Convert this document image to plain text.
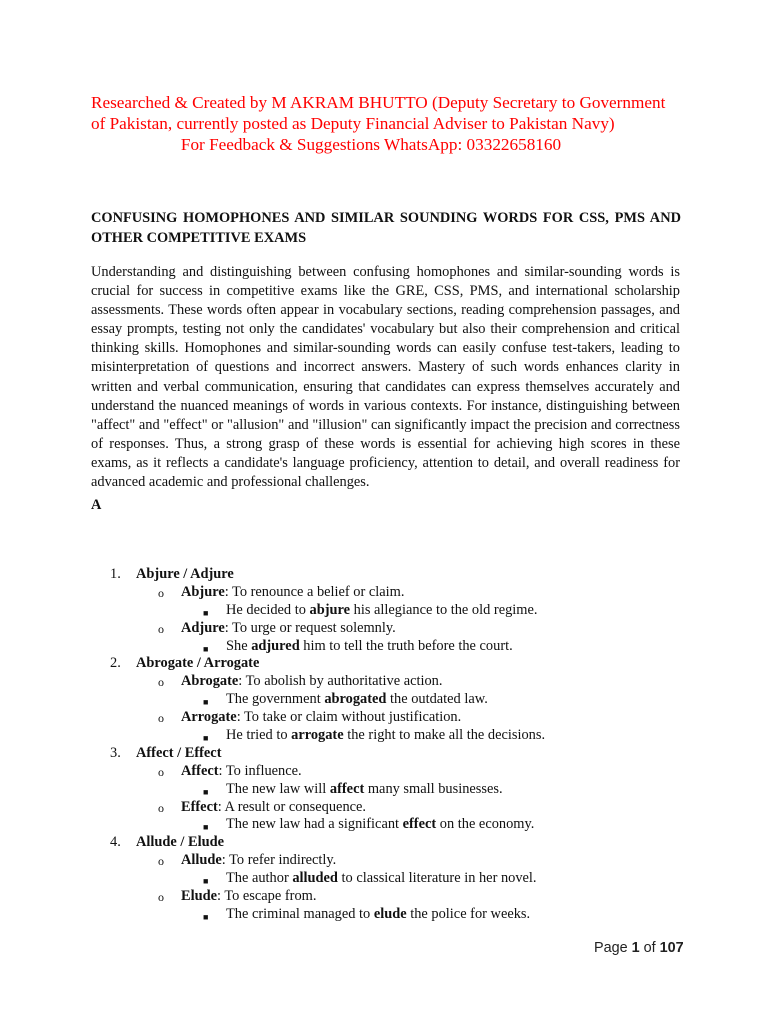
Researched & Created by M AKRAM BHUTTO (Deputy Secretary to Government
of Pakistan, currently posted as Deputy Financial Adviser to Pakistan Navy)

For Feedback & Suggestions WhatsApp: 03322658160

CONFUSING HOMOPHONES AND SIMILAR SOUNDING WORDS FOR CSS, PMS AND OTHER COMPETITIVE EXAMS

Understanding and distinguishing between confusing homophones and similar-sounding words is crucial for success in competitive exams like the GRE, CSS, PMS, and international scholarship assessments. These words often appear in vocabulary sections, reading comprehension passages, and essay prompts, testing not only the candidates' vocabulary but also their comprehension and critical thinking skills. Homophones and similar-sounding words can easily confuse test-takers, leading to misinterpretation of questions and incorrect answers. Mastery of such words enhances clarity in written and verbal communication, ensuring that candidates can express themselves accurately and understand the nuanced meanings of words in various contexts. For instance, distinguishing between "affect" and "effect" or "allusion" and "illusion" can significantly impact the precision and correctness of responses. Thus, a strong grasp of these words is essential for achieving high scores in these exams, as it reflects a candidate's language proficiency, attention to detail, and overall readiness for advanced academic and professional challenges.

A

1. Abjure / Adjure
o Abjure: To renounce a belief or claim.
■ He decided to abjure his allegiance to the old regime.
o Adjure: To urge or request solemnly.
■ She adjured him to tell the truth before the court.
2. Abrogate / Arrogate
o Abrogate: To abolish by authoritative action.
■ The government abrogated the outdated law.
o Arrogate: To take or claim without justification.
■ He tried to arrogate the right to make all the decisions.
3. Affect / Effect
o Affect: To influence.
■ The new law will affect many small businesses.
o Effect: A result or consequence.
■ The new law had a significant effect on the economy.
4. Allude / Elude
o Allude: To refer indirectly.
■ The author alluded to classical literature in her novel.
o Elude: To escape from.
■ The criminal managed to elude the police for weeks.
Page 1 of 107
